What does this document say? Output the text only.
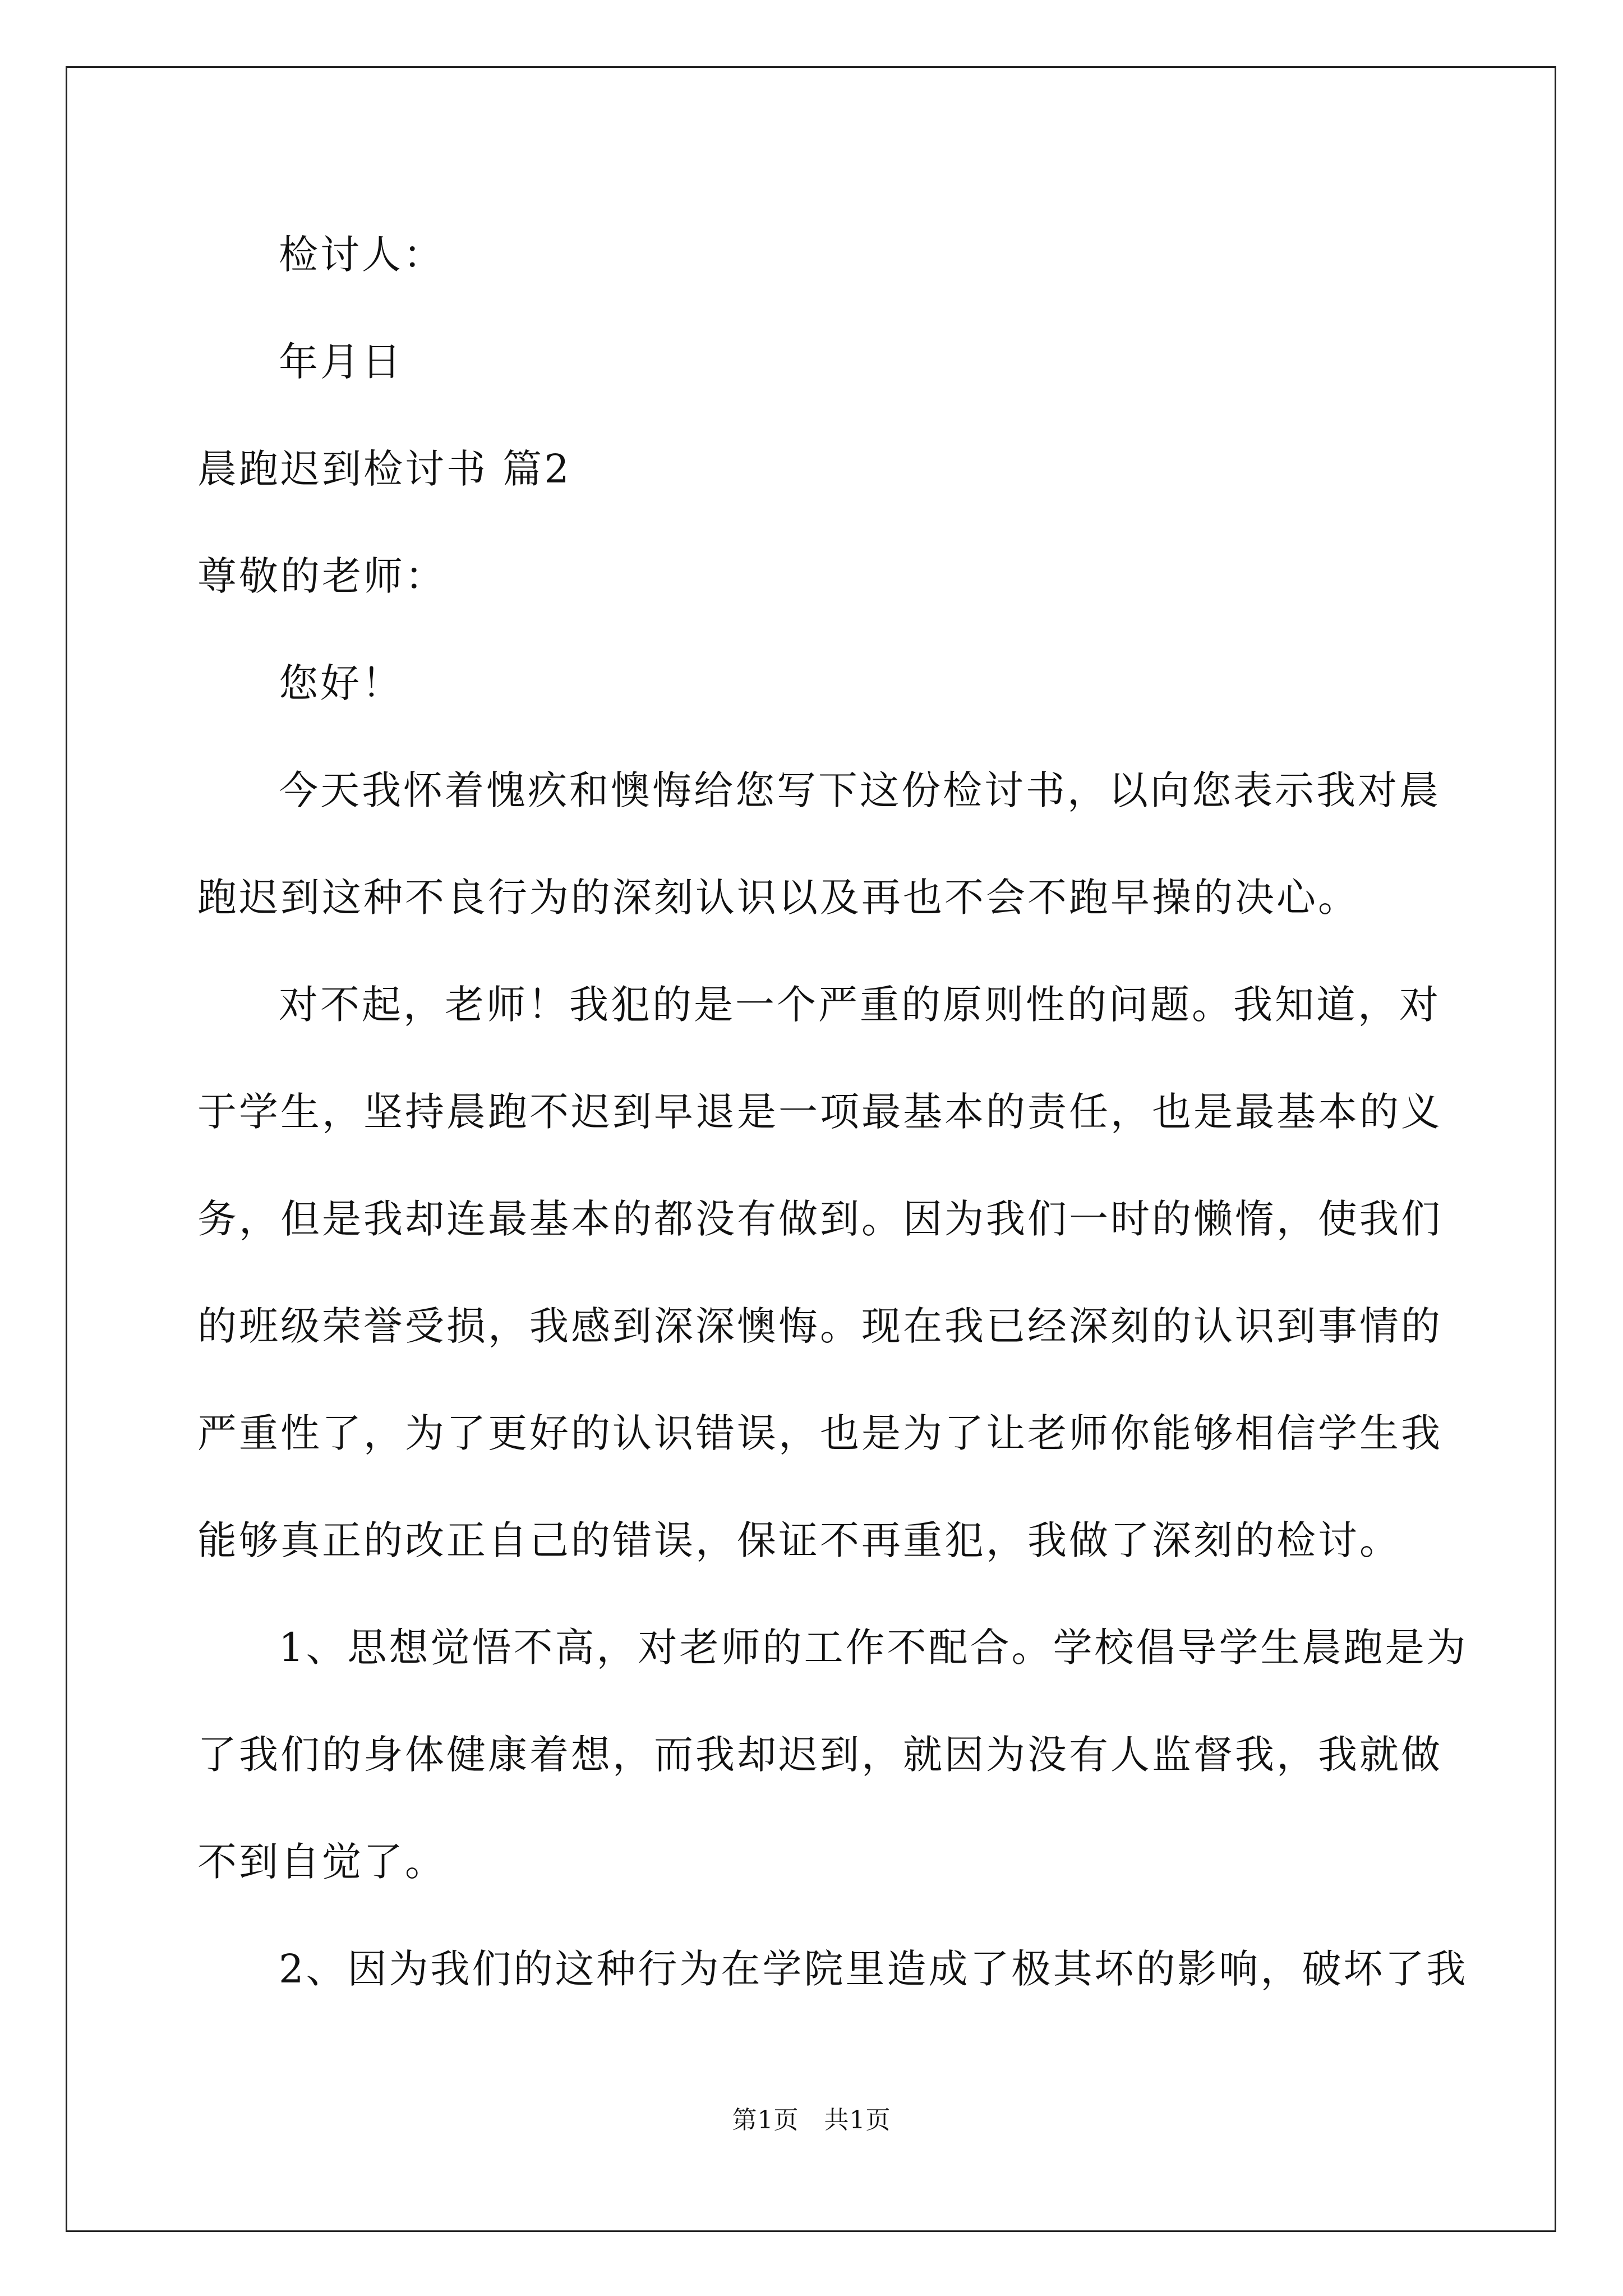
检讨人：

年月日

晨跑迟到检讨书 篇2

尊敬的老师：

您好！

今天我怀着愧疚和懊悔给您写下这份检讨书，以向您表示我对晨

跑迟到这种不良行为的深刻认识以及再也不会不跑早操的决心。

对不起，老师！我犯的是一个严重的原则性的问题。我知道，对

于学生，坚持晨跑不迟到早退是一项最基本的责任，也是最基本的义

务，但是我却连最基本的都没有做到。因为我们一时的懒惰，使我们

的班级荣誉受损，我感到深深懊悔。现在我已经深刻的认识到事情的

严重性了，为了更好的认识错误，也是为了让老师你能够相信学生我

能够真正的改正自己的错误，保证不再重犯，我做了深刻的检讨。

1、思想觉悟不高，对老师的工作不配合。学校倡导学生晨跑是为

了我们的身体健康着想，而我却迟到，就因为没有人监督我，我就做

不到自觉了。

2、因为我们的这种行为在学院里造成了极其坏的影响，破坏了我

第1页　共1页
